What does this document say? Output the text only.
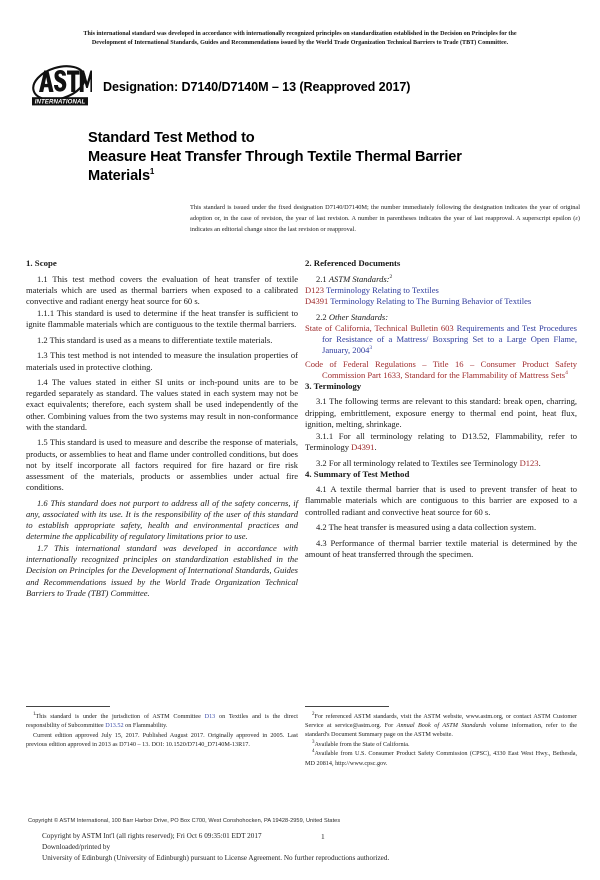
This international standard was developed in accordance with internationally recognized principles on standardization established in the Decision on Principles for the
Development of International Standards, Guides and Recommendations issued by the World Trade Organization Technical Barriers to Trade (TBT) Committee.
INTERNATIONAL
Designation: D7140/D7140M – 13 (Reapproved 2017)
Standard Test Method to
Measure Heat Transfer Through Textile Thermal Barrier
Materials$^1$
This standard is issued under the fixed designation D7140/D7140M; the number immediately following the designation indicates the year of original adoption or, in the case of revision, the year of last revision. A number in parentheses indicates the year of last reapproval. A superscript epsilon (ε) indicates an editorial change since the last revision or reapproval.
1. Scope

1.1 This test method covers the evaluation of heat transfer of textile materials which are used as thermal barriers when exposed to a calibrated convective and radiant energy heat source for 60 s.

1.1.1 This standard is used to determine if the heat transfer is sufficient to ignite flammable materials which are contiguous to the textile thermal barriers.

1.2 This standard is used as a means to differentiate textile materials.

1.3 This test method is not intended to measure the insulation properties of materials used in protective clothing.

1.4 The values stated in either SI units or inch-pound units are to be regarded separately as standard. The values stated in each system may not be exact equivalents; therefore, each system shall be used independently of the other. Combining values from the two systems may result in non-conformance with the standard.

1.5 This standard is used to measure and describe the response of materials, products, or assemblies to heat and flame under controlled conditions, but does not by itself incorporate all factors required for fire hazard or fire risk assessment of the materials, products or assemblies under actual fire conditions.

1.6 This standard does not purport to address all of the safety concerns, if any, associated with its use. It is the responsibility of the user of this standard to establish appropriate safety, health and environmental practices and determine the applicability of regulatory limitations prior to use.

1.7 This international standard was developed in accordance with internationally recognized principles on standardization established in the Decision on Principles for the Development of International Standards, Guides and Recommendations issued by the World Trade Organization Technical Barriers to Trade (TBT) Committee.

2. Referenced Documents

2.1 ASTM Standards:$^2$

D123 Terminology Relating to Textiles

D4391 Terminology Relating to The Burning Behavior of Textiles

2.2 Other Standards:

State of California, Technical Bulletin 603 Requirements and Test Procedures for Resistance of a Mattress/ Boxspring Set to a Large Open Flame, January, 2004$^3$

Code of Federal Regulations – Title 16 – Consumer Product Safety Commission Part 1633, Standard for the Flammability of Mattress Sets$^4$

3. Terminology

3.1 The following terms are relevant to this standard: break open, charring, dripping, embrittlement, exposure energy to thermal end point, heat flux, ignition, melting, shrinkage.

3.1.1 For all terminology relating to D13.52, Flammability, refer to Terminology D4391.

3.2 For all terminology related to Textiles see Terminology D123.

4. Summary of Test Method

4.1 A textile thermal barrier that is used to prevent transfer of heat to flammable materials which are contiguous to this barrier are exposed to a controlled radiant and convective heat source for 60 s.

4.2 The heat transfer is measured using a data collection system.

4.3 Performance of thermal barrier textile material is determined by the amount of heat transferred through the specimen.

$^1$This standard is under the jurisdiction of ASTM Committee D13 on Textiles and is the direct responsibility of Subcommittee D13.52 on Flammability.

Current edition approved July 15, 2017. Published August 2017. Originally approved in 2005. Last previous edition approved in 2013 as D7140 – 13. DOI: 10.1520/D7140_D7140M-13R17.

$^2$For referenced ASTM standards, visit the ASTM website, www.astm.org, or contact ASTM Customer Service at service@astm.org. For Annual Book of ASTM Standards volume information, refer to the standard's Document Summary page on the ASTM website.

$^3$Available from the State of California.

$^4$Available from U.S. Consumer Product Safety Commission (CPSC), 4330 East West Hwy., Bethesda, MD 20814, http://www.cpsc.gov.

Copyright © ASTM International, 100 Barr Harbor Drive, PO Box C700, West Conshohocken, PA 19428-2959, United States
Copyright by ASTM Int'l (all rights reserved); Fri Oct 6 09:35:01 EDT 2017
Downloaded/printed by
University of Edinburgh (University of Edinburgh) pursuant to License Agreement. No further reproductions authorized.
1
